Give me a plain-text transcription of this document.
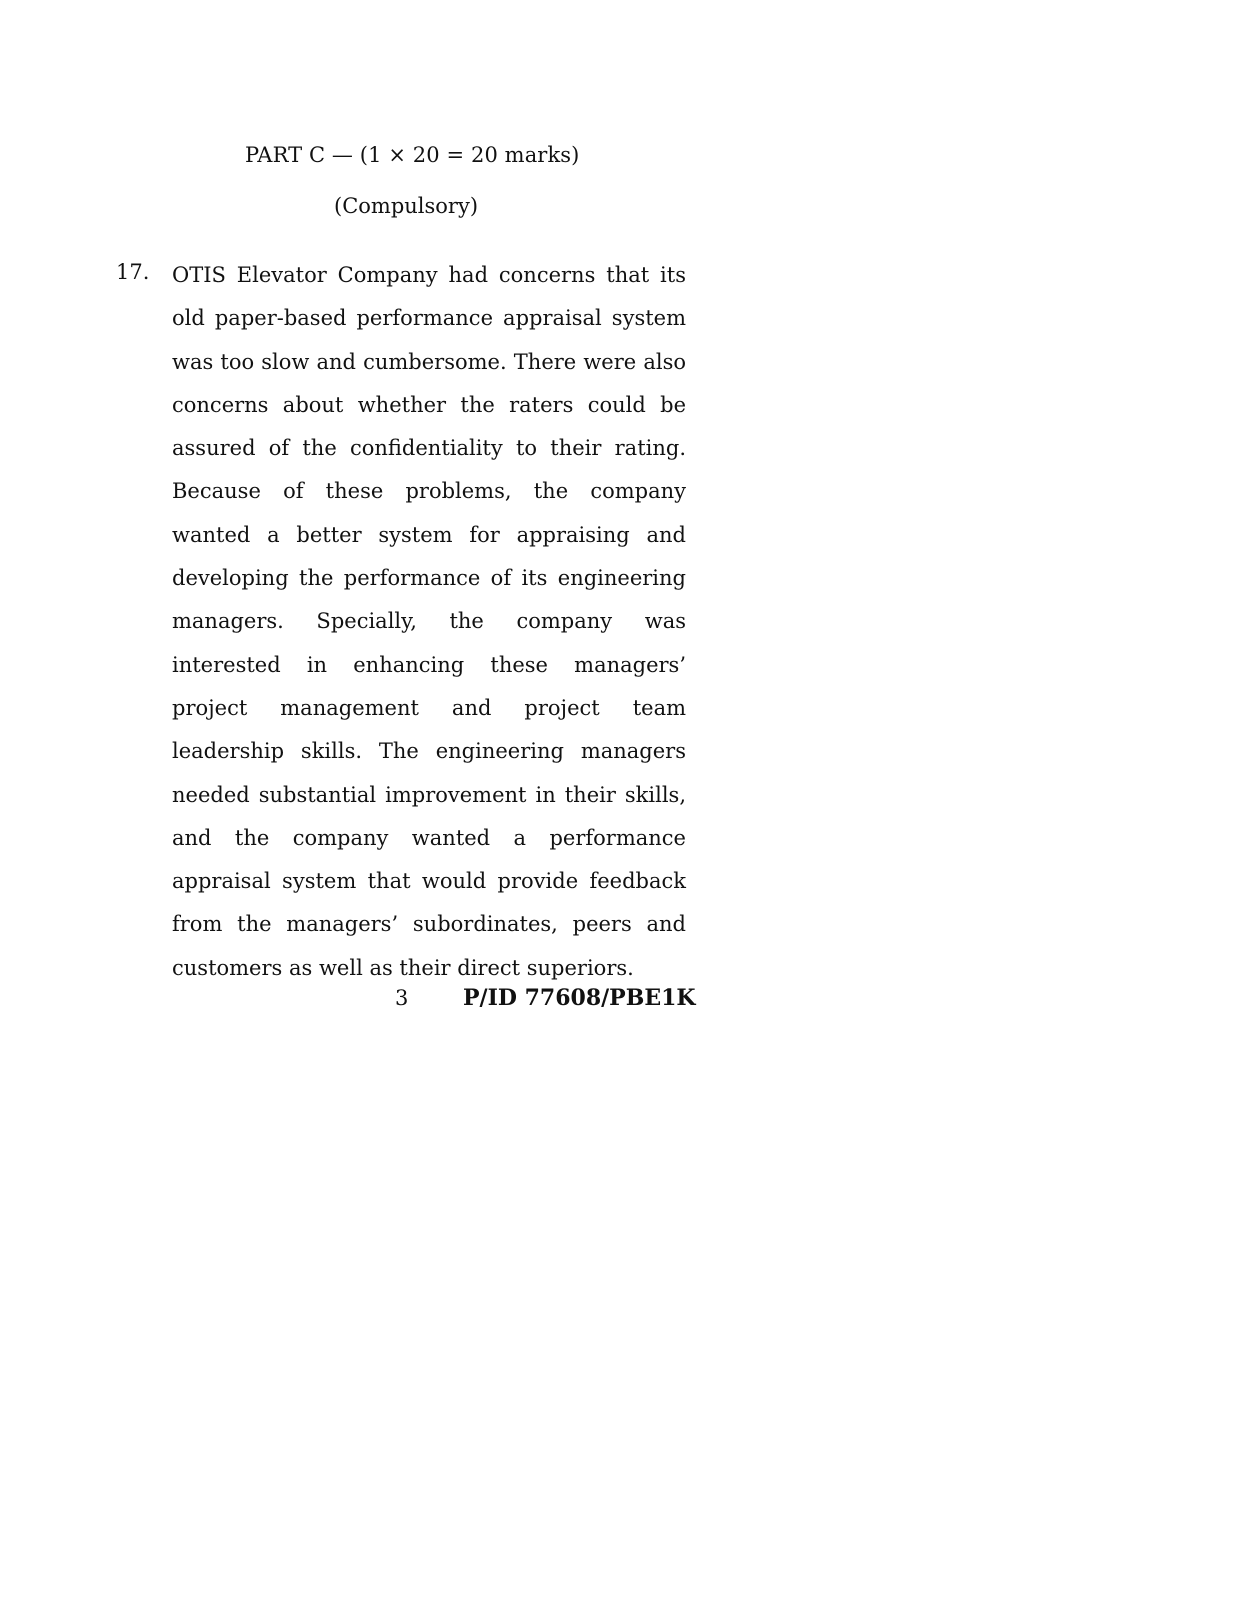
PART C — (1 × 20 = 20 marks)
(Compulsory)
17. OTIS Elevator Company had concerns that its old paper-based performance appraisal system was too slow and cumbersome. There were also concerns about whether the raters could be assured of the confidentiality to their rating. Because of these problems, the company wanted a better system for appraising and developing the performance of its engineering managers. Specially, the company was interested in enhancing these managers’ project management and project team leadership skills. The engineering managers needed substantial improvement in their skills, and the company wanted a performance appraisal system that would provide feedback from the managers’ subordinates, peers and customers as well as their direct superiors.

3 P/ID 77608/PBE1K
